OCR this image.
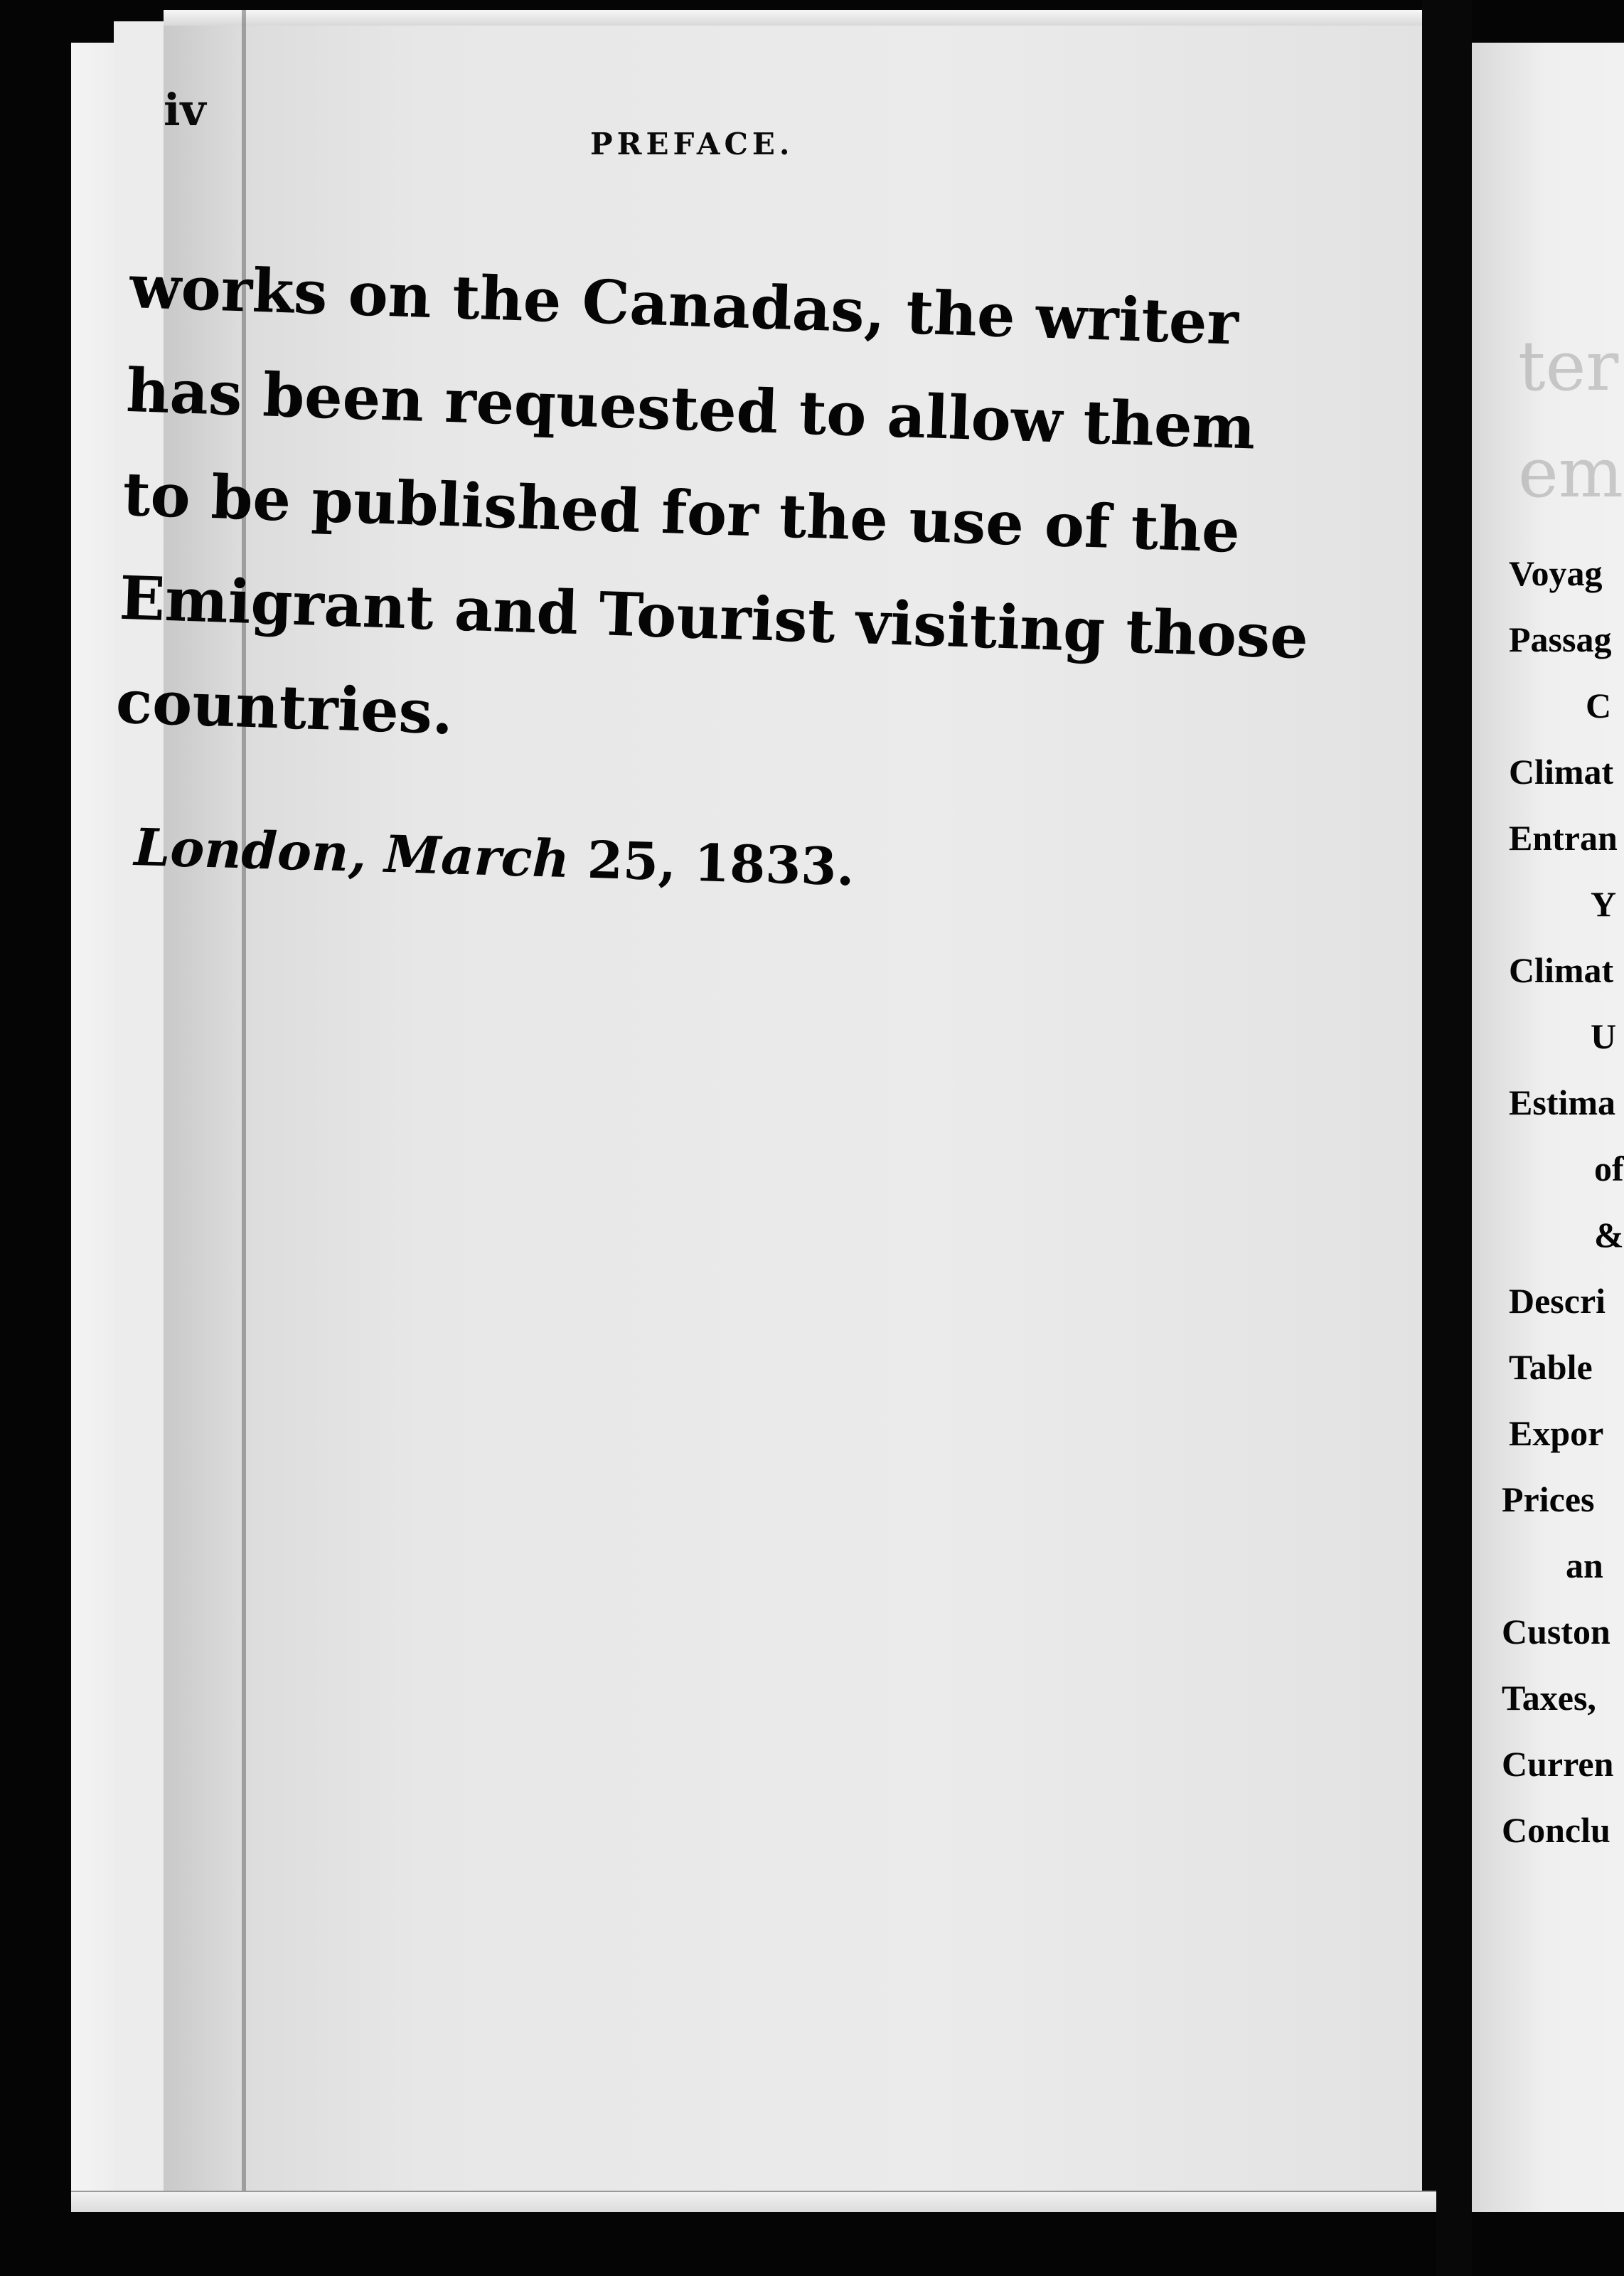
iv
PREFACE.
works on the Canadas, the writer
has been requested to allow them
to be published for the use of the
Emigrant and Tourist visiting those
countries.
London, March 25, 1833.
ter
em
Voyag
Passag
C
Climat
Entran
Y
Climat
U
Estima
of
&
Descri
Table
Expor
Prices
an
Custon
Taxes,
Curren
Conclu
